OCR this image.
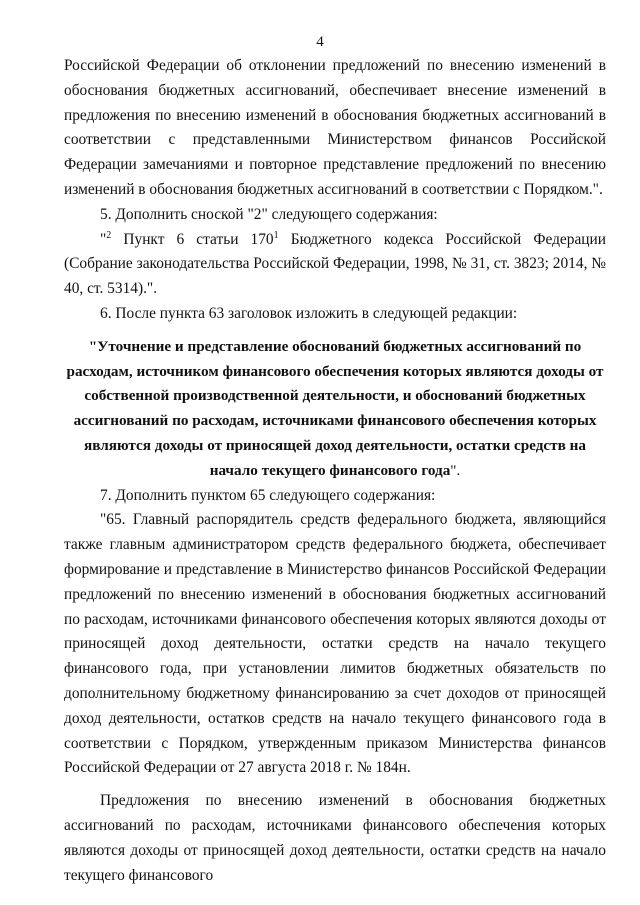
4

Российской Федерации об отклонении предложений по внесению изменений в обоснования бюджетных ассигнований, обеспечивает внесение изменений в предложения по внесению изменений в обоснования бюджетных ассигнований в соответствии с представленными Министерством финансов Российской Федерации замечаниями и повторное представление предложений по внесению изменений в обоснования бюджетных ассигнований в соответствии с Порядком.".

5. Дополнить сноской "2" следующего содержания:

"$^2$ Пункт 6 статьи $170^1$ Бюджетного кодекса Российской Федерации (Собрание законодательства Российской Федерации, 1998, № 31, ст. 3823; 2014, № 40, ст. 5314).".

6. После пункта 63 заголовок изложить в следующей редакции:

"Уточнение и представление обоснований бюджетных ассигнований по расходам, источником финансового обеспечения которых являются доходы от собственной производственной деятельности, и обоснований бюджетных ассигнований по расходам, источниками финансового обеспечения которых являются доходы от приносящей доход деятельности, остатки средств на начало текущего финансового года".

7. Дополнить пунктом 65 следующего содержания:

"65. Главный распорядитель средств федерального бюджета, являющийся также главным администратором средств федерального бюджета, обеспечивает формирование и представление в Министерство финансов Российской Федерации предложений по внесению изменений в обоснования бюджетных ассигнований по расходам, источниками финансового обеспечения которых являются доходы от приносящей доход деятельности, остатки средств на начало текущего финансового года, при установлении лимитов бюджетных обязательств по дополнительному бюджетному финансированию за счет доходов от приносящей доход деятельности, остатков средств на начало текущего финансового года в соответствии с Порядком, утвержденным приказом Министерства финансов Российской Федерации от 27 августа 2018 г. № 184н.

Предложения по внесению изменений в обоснования бюджетных ассигнований по расходам, источниками финансового обеспечения которых являются доходы от приносящей доход деятельности, остатки средств на начало текущего финансового
